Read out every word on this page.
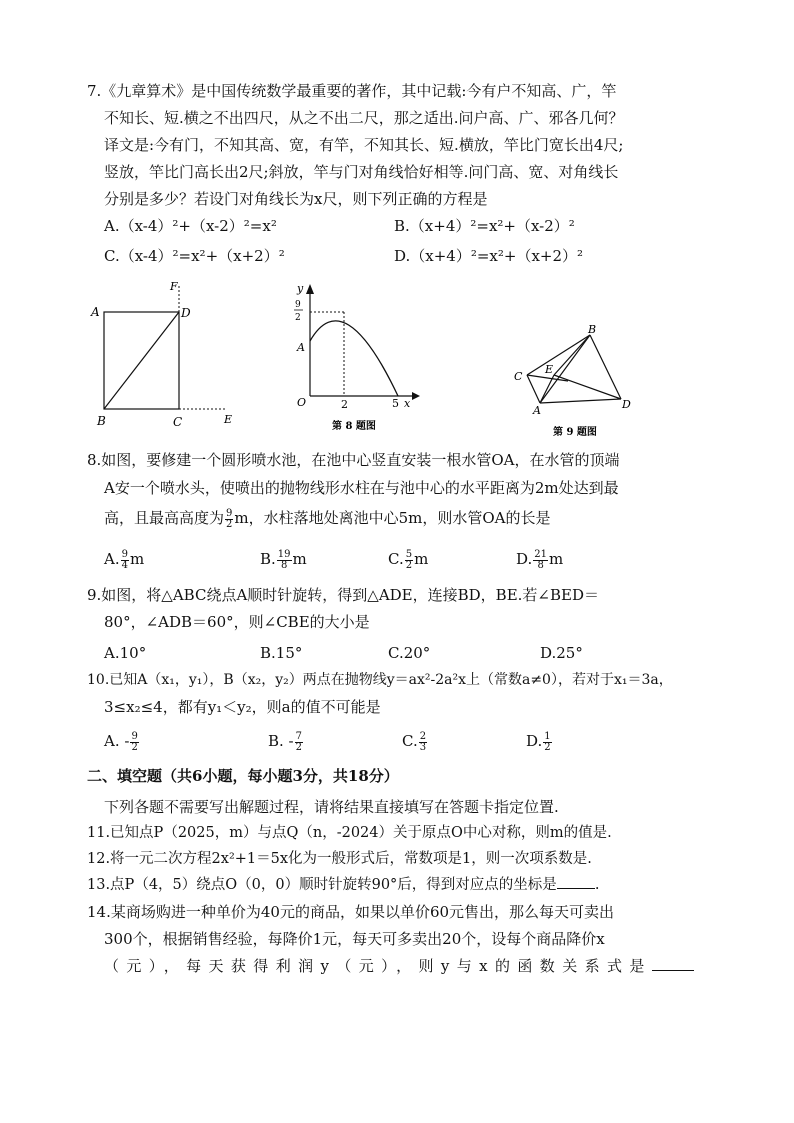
7.《九章算术》是中国传统数学最重要的著作，其中记载:今有户不知高、广，竿
不知长、短.横之不出四尺，从之不出二尺，那之适出.问户高、广、邪各几何？
译文是:今有门，不知其高、宽，有竿，不知其长、短.横放，竿比门宽长出4尺;
竖放，竿比门高长出2尺;斜放，竿与门对角线恰好相等.问门高、宽、对角线长
分别是多少？若设门对角线长为x尺，则下列正确的方程是
A.（x-4）²+（x-2）²=x²	B.（x+4）²=x²+（x-2）²
C.（x-4）²=x²+（x+2）²	D.（x+4）²=x²+（x+2）²
A	D
F
B	C	E
y
x
O
A
9
2
2	5
第 8 题图
B
C
E
A	D
第 9 题图
8.如图，要修建一个圆形喷水池，在池中心竖直安装一根水管OA，在水管的顶端
A安一个喷水头，使喷出的抛物线形水柱在与池中心的水平距离为2m处达到最
高，且最高高度为 $\frac{9}{2}$ m，水柱落地处离池中心5m，则水管OA的长是
A. $\frac{9}{4}$ m	B. $\frac{19}{8}$ m	C. $\frac{5}{2}$ m	D. $\frac{21}{8}$ m
9.如图，将△ABC绕点A顺时针旋转，得到△ADE，连接BD，BE.若∠BED＝
80°，∠ADB＝60°，则∠CBE的大小是
A.10°	B.15°	C.20°	D.25°
10.已知A（x₁，y₁），B（x₂，y₂）两点在抛物线y＝ax²-2a²x上（常数a≠0），若对于x₁＝3a，
3≤x₂≤4，都有y₁＜y₂，则a的值不可能是
A. - $\frac{9}{2}$	B. - $\frac{7}{2}$	C. $\frac{2}{3}$	D. $\frac{1}{2}$
二、填空题（共6小题，每小题3分，共18分）
下列各题不需要写出解题过程，请将结果直接填写在答题卡指定位置.
11.已知点P（2025，m）与点Q（n，-2024）关于原点O中心对称，则m的值是.
12.将一元二次方程2x²+1＝5x化为一般形式后，常数项是1，则一次项系数是.
13.点P（4，5）绕点O（0，0）顺时针旋转90°后，得到对应点的坐标是	.
14.某商场购进一种单价为40元的商品，如果以单价60元售出，那么每天可卖出
300个，根据销售经验，每降价1元，每天可多卖出20个，设每个商品降价x
（元），每天获得利润y（元），则y与x的函数关系式是
